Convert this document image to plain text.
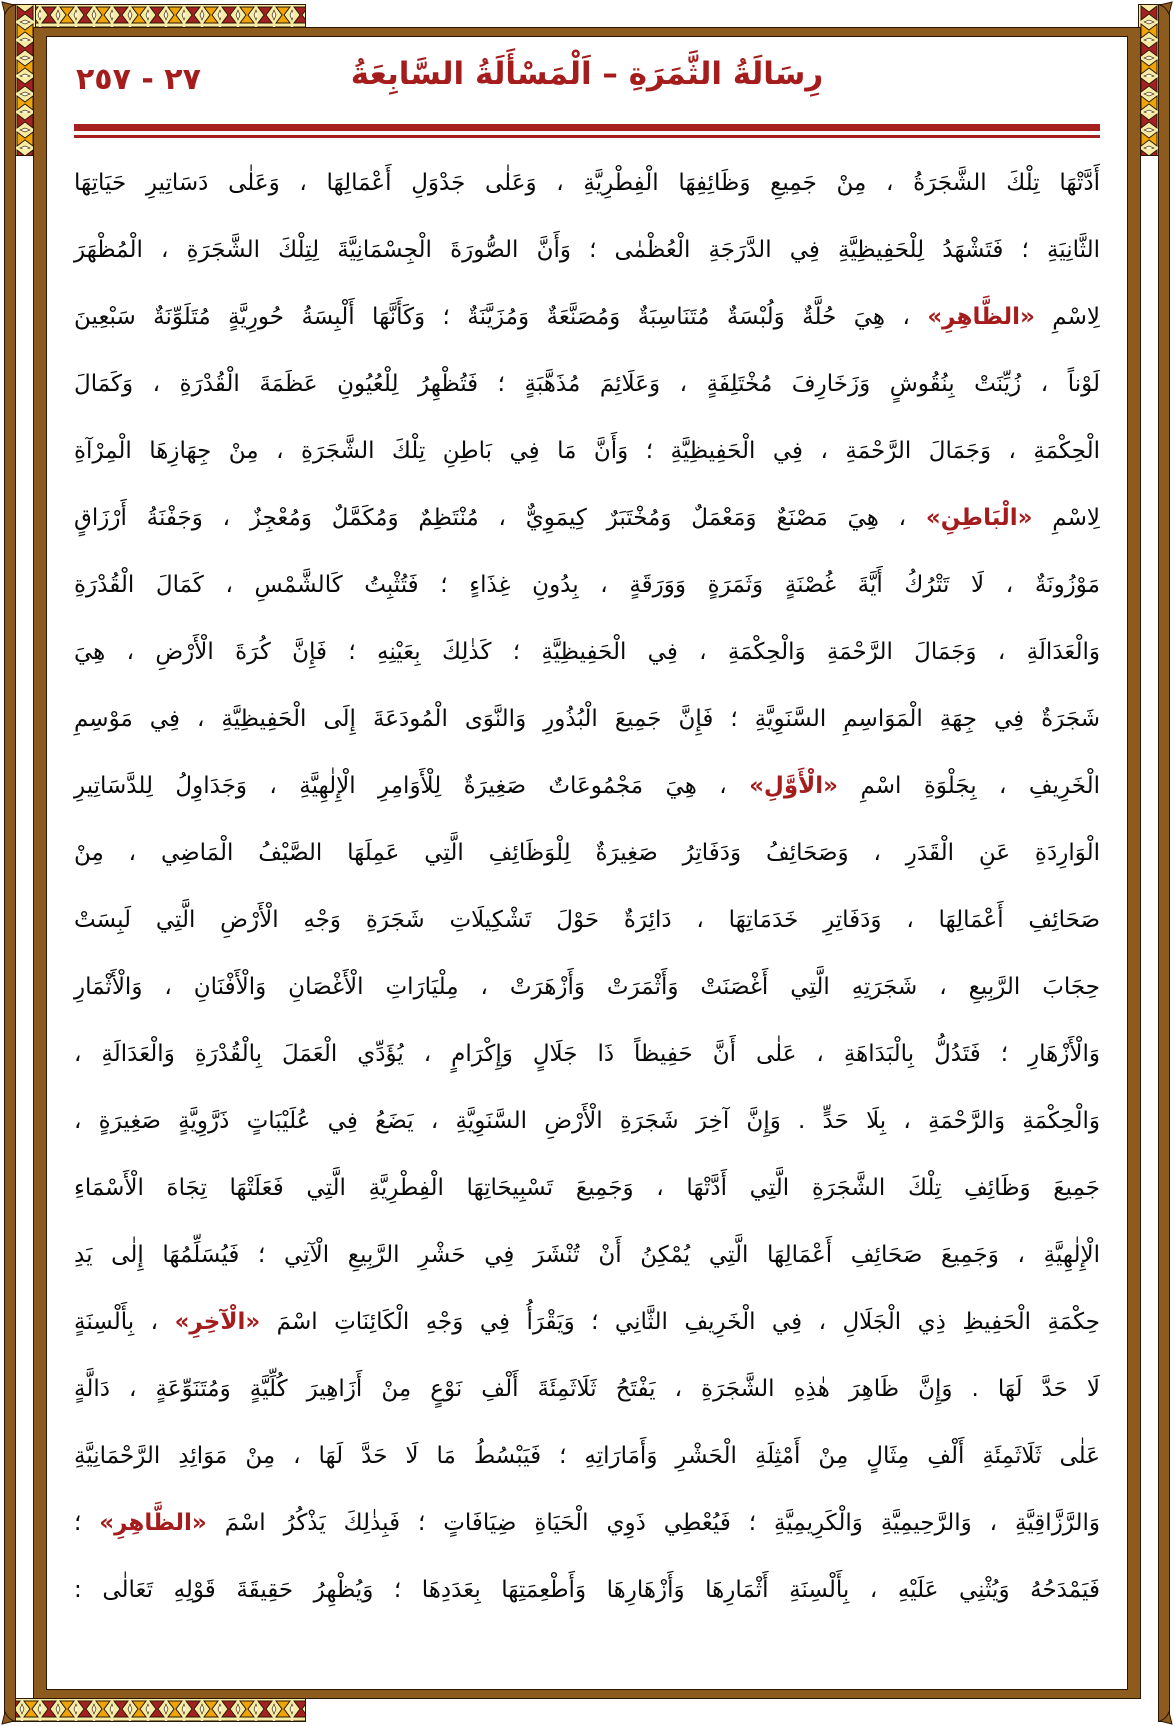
٢٧ - ٢٥٧	رِسَالَةُ الثَّمَرَةِ – اَلْمَسْأَلَةُ السَّابِعَةُ
أَدَّتْهَا تِلْكَ الشَّجَرَةُ ، مِنْ جَمِيعِ وَظَائِفِهَا الْفِطْرِيَّةِ ، وَعَلٰى جَدْوَلِ أَعْمَالِهَا ، وَعَلٰى دَسَاتِيرِ حَيَاتِهَا
الثَّانِيَةِ ؛ فَتَشْهَدُ لِلْحَفِيظِيَّةِ فِي الدَّرَجَةِ الْعُظْمٰى ؛ وَأَنَّ الصُّورَةَ الْجِسْمَانِيَّةَ لِتِلْكَ الشَّجَرَةِ ، الْمُظْهَرَ
لِاسْمِ «الظَّاهِرِ» ، هِيَ حُلَّةٌ وَلُبْسَةٌ مُتَنَاسِبَةٌ وَمُصَنَّعَةٌ وَمُزَيَّنَةٌ ؛ وَكَأَنَّهَا أَلْبِسَةُ حُورِيَّةٍ مُتَلَوِّنَةٌ سَبْعِينَ
لَوْناً ، زُيِّنَتْ بِنُقُوشٍ وَزَخَارِفَ مُخْتَلِفَةٍ ، وَعَلَائِمَ مُذَهَّبَةٍ ؛ فَتُظْهِرُ لِلْعُيُونِ عَظَمَةَ الْقُدْرَةِ ، وَكَمَالَ
الْحِكْمَةِ ، وَجَمَالَ الرَّحْمَةِ ، فِي الْحَفِيظِيَّةِ ؛ وَأَنَّ مَا فِي بَاطِنِ تِلْكَ الشَّجَرَةِ ، مِنْ جِهَازِهَا الْمِرْآةِ
لِاسْمِ «الْبَاطِنِ» ، هِيَ مَصْنَعٌ وَمَعْمَلٌ وَمُخْتَبَرٌ كِيمَوِيٌّ ، مُنْتَظِمٌ وَمُكَمَّلٌ وَمُعْجِزٌ ، وَجَفْنَةُ أَرْزَاقٍ
مَوْزُونَةٌ ، لَا تَتْرُكُ أَيَّةَ غُصْنَةٍ وَثَمَرَةٍ وَوَرَقَةٍ ، بِدُونِ غِذَاءٍ ؛ فَتُثْبِتُ كَالشَّمْسِ ، كَمَالَ الْقُدْرَةِ
وَالْعَدَالَةِ ، وَجَمَالَ الرَّحْمَةِ وَالْحِكْمَةِ ، فِي الْحَفِيظِيَّةِ ؛ كَذٰلِكَ بِعَيْنِهِ ؛ فَإِنَّ كُرَةَ الْأَرْضِ ، هِيَ
شَجَرَةٌ فِي جِهَةِ الْمَوَاسِمِ السَّنَوِيَّةِ ؛ فَإِنَّ جَمِيعَ الْبُذُورِ وَالنَّوَى الْمُودَعَةَ إِلَى الْحَفِيظِيَّةِ ، فِي مَوْسِمِ
الْخَرِيفِ ، بِجَلْوَةِ اسْمِ «الْأَوَّلِ» ، هِيَ مَجْمُوعَاتٌ صَغِيرَةٌ لِلْأَوَامِرِ الْإِلٰهِيَّةِ ، وَجَدَاوِلُ لِلدَّسَاتِيرِ
الْوَارِدَةِ عَنِ الْقَدَرِ ، وَصَحَائِفُ وَدَفَاتِرُ صَغِيرَةٌ لِلْوَظَائِفِ الَّتِي عَمِلَهَا الصَّيْفُ الْمَاضِي ، مِنْ
صَحَائِفِ أَعْمَالِهَا ، وَدَفَاتِرِ خَدَمَاتِهَا ، دَائِرَةٌ حَوْلَ تَشْكِيلَاتِ شَجَرَةِ وَجْهِ الْأَرْضِ الَّتِي لَبِسَتْ
حِجَابَ الرَّبِيعِ ، شَجَرَتِهِ الَّتِي أَغْصَنَتْ وَأَثْمَرَتْ وَأَزْهَرَتْ ، مِلْيَارَاتِ الْأَغْصَانِ وَالْأَفْنَانِ ، وَالْأَثْمَارِ
وَالْأَزْهَارِ ؛ فَتَدُلُّ بِالْبَدَاهَةِ ، عَلٰى أَنَّ حَفِيظاً ذَا جَلَالٍ وَإِكْرَامٍ ، يُؤَدِّي الْعَمَلَ بِالْقُدْرَةِ وَالْعَدَالَةِ ،
وَالْحِكْمَةِ وَالرَّحْمَةِ ، بِلَا حَدٍّ . وَإِنَّ آخِرَ شَجَرَةِ الْأَرْضِ السَّنَوِيَّةِ ، يَضَعُ فِي عُلَيْبَاتٍ ذَرَّوِيَّةٍ صَغِيرَةٍ ،
جَمِيعَ وَظَائِفِ تِلْكَ الشَّجَرَةِ الَّتِي أَدَّتْهَا ، وَجَمِيعَ تَسْبِيحَاتِهَا الْفِطْرِيَّةِ الَّتِي فَعَلَتْهَا تِجَاهَ الْأَسْمَاءِ
الْإِلٰهِيَّةِ ، وَجَمِيعَ صَحَائِفِ أَعْمَالِهَا الَّتِي يُمْكِنُ أَنْ تُنْشَرَ فِي حَشْرِ الرَّبِيعِ الْآتِي ؛ فَيُسَلِّمُهَا إِلٰى يَدِ
حِكْمَةِ الْحَفِيظِ ذِي الْجَلَالِ ، فِي الْخَرِيفِ الثَّانِي ؛ وَيَقْرَأُ فِي وَجْهِ الْكَائِنَاتِ اسْمَ «الْآخِرِ» ، بِأَلْسِنَةٍ
لَا حَدَّ لَهَا . وَإِنَّ ظَاهِرَ هٰذِهِ الشَّجَرَةِ ، يَفْتَحُ ثَلَاثَمِئَةَ أَلْفِ نَوْعٍ مِنْ أَزَاهِيرَ كُلِّيَّةٍ وَمُتَنَوِّعَةٍ ، دَالَّةٍ
عَلٰى ثَلَاثَمِئَةِ أَلْفِ مِثَالٍ مِنْ أَمْثِلَةِ الْحَشْرِ وَأَمَارَاتِهِ ؛ فَيَبْسُطُ مَا لَا حَدَّ لَهَا ، مِنْ مَوَائِدِ الرَّحْمَانِيَّةِ
وَالرَّزَّاقِيَّةِ ، وَالرَّحِيمِيَّةِ وَالْكَرِيمِيَّةِ ؛ فَيُعْطِي ذَوِي الْحَيَاةِ ضِيَافَاتٍ ؛ فَبِذٰلِكَ يَذْكُرُ اسْمَ «الظَّاهِرِ» ؛
فَيَمْدَحُهُ وَيُثْنِي عَلَيْهِ ، بِأَلْسِنَةِ أَثْمَارِهَا وَأَزْهَارِهَا وَأَطْعِمَتِهَا بِعَدَدِهَا ؛ وَيُظْهِرُ حَقِيقَةَ قَوْلِهِ تَعَالٰى :
